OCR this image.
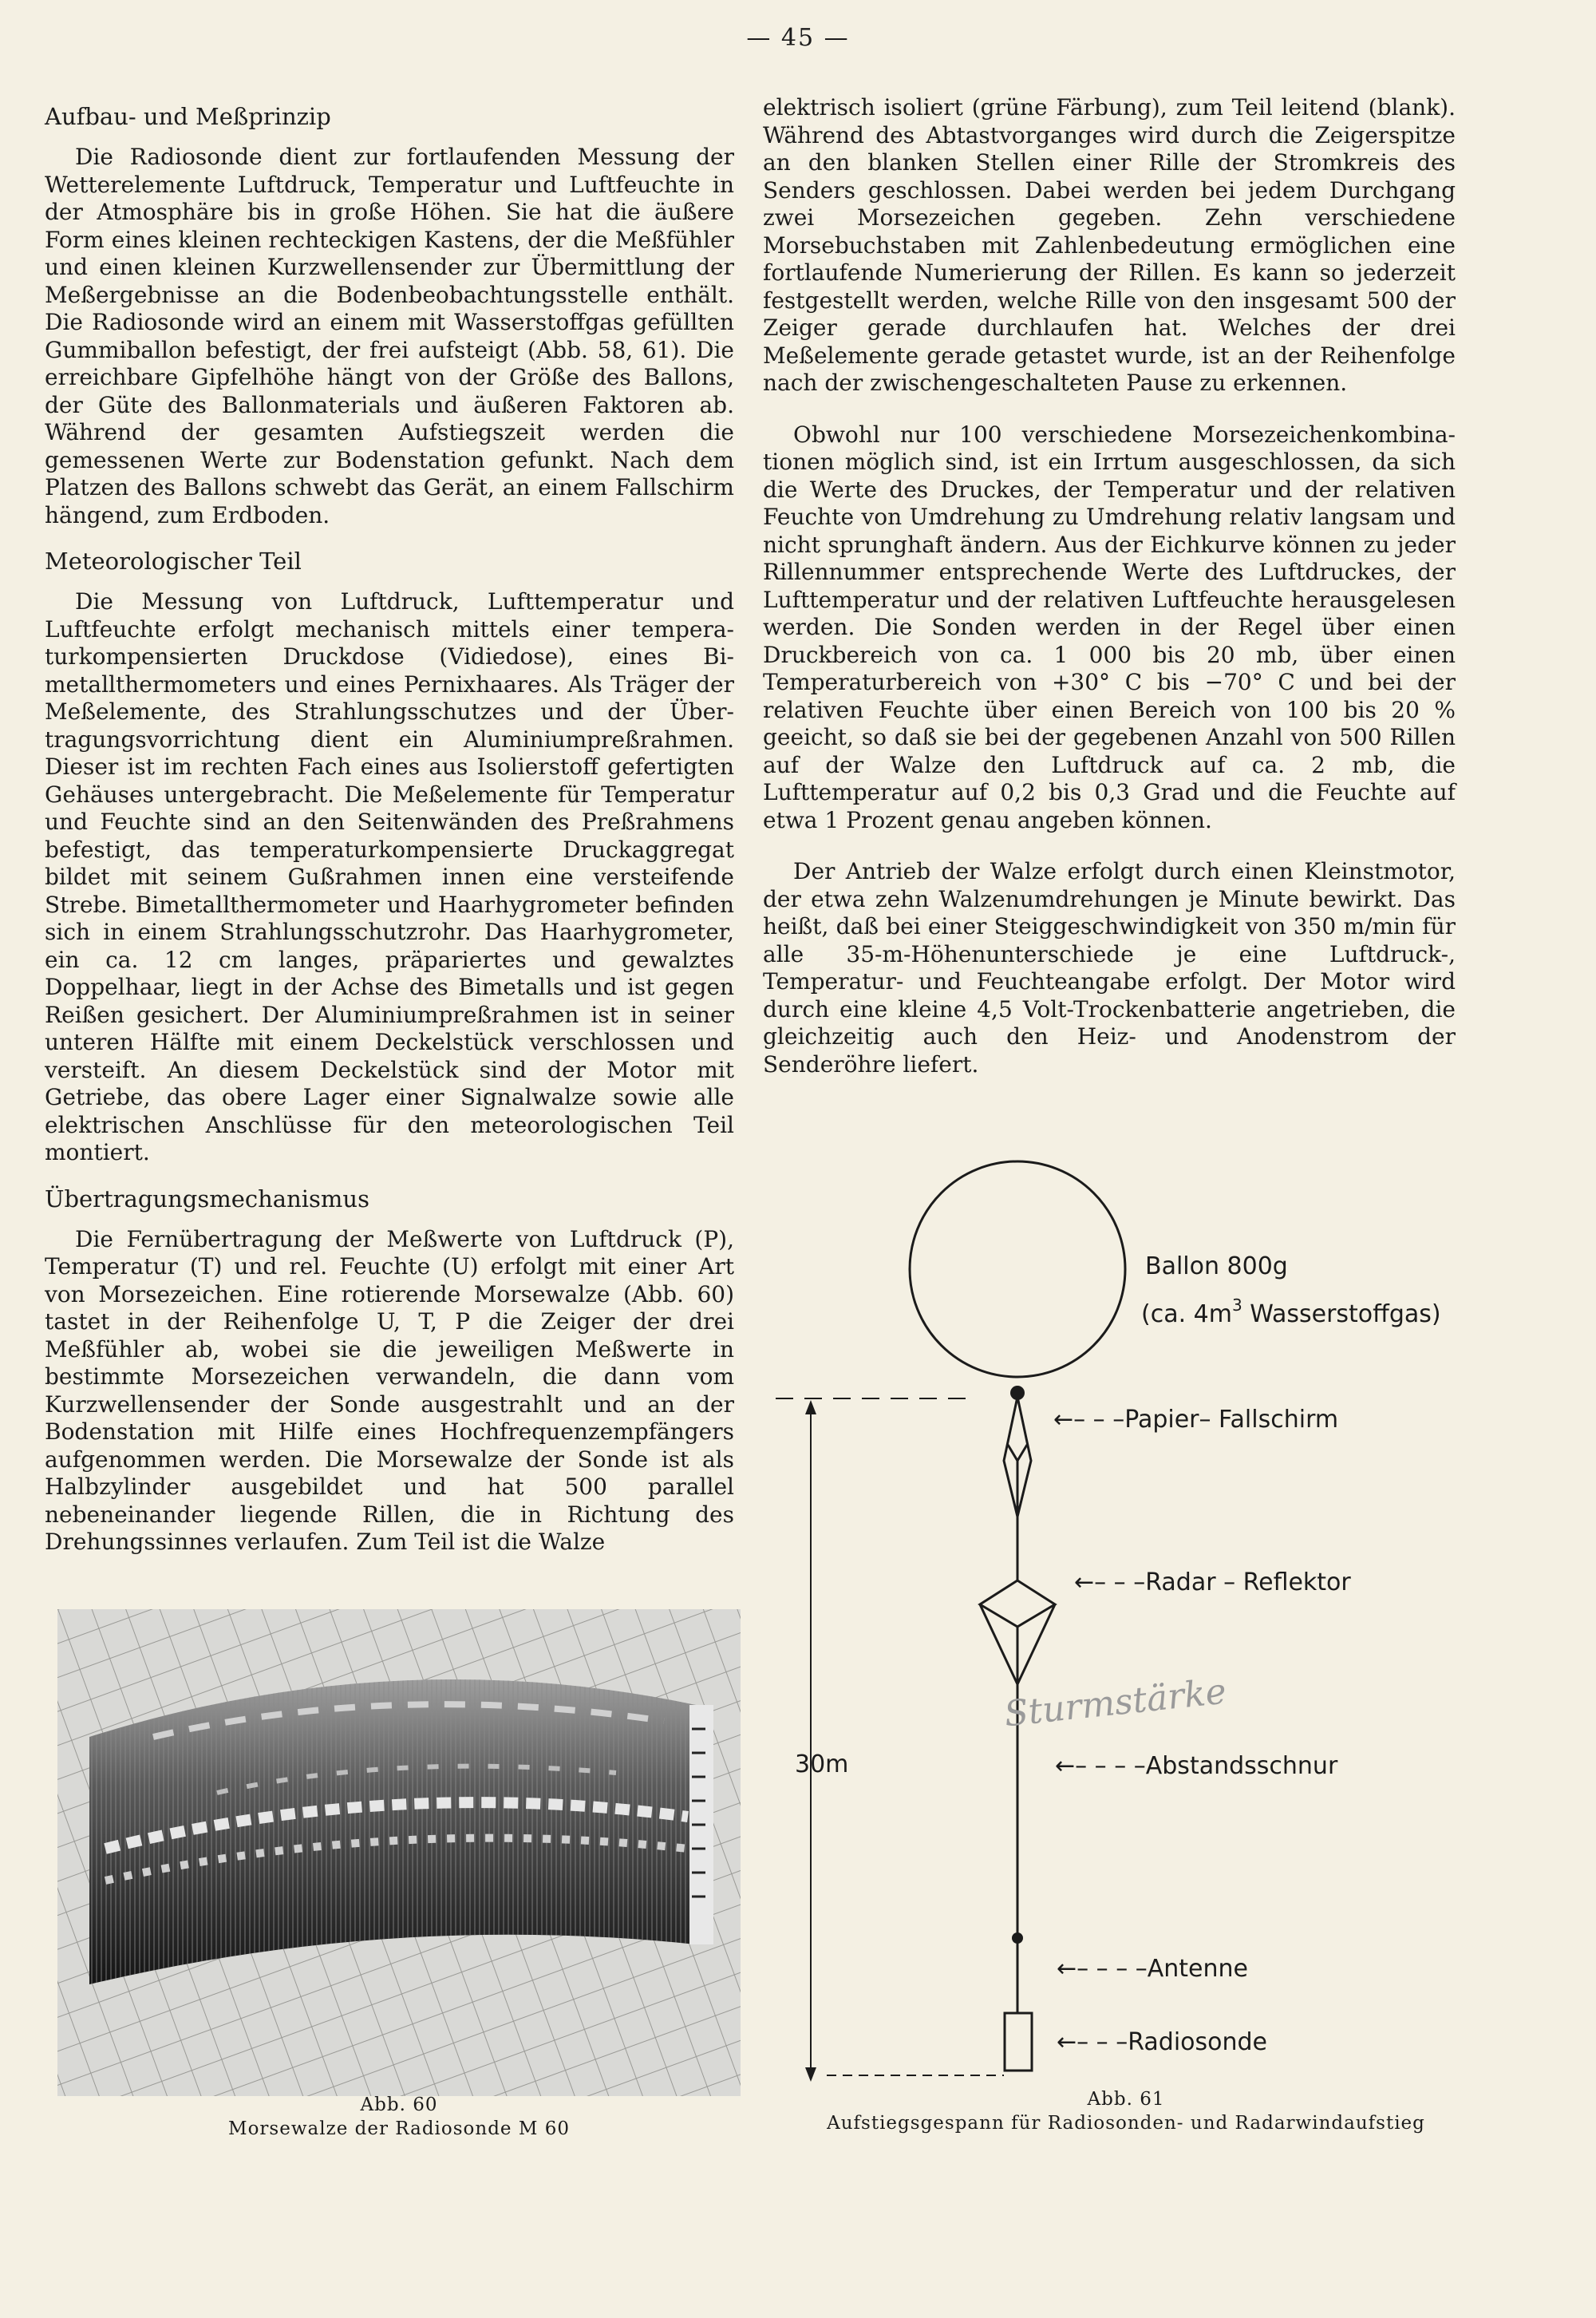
— 45 —
Aufbau- und Meßprinzip

Die Radiosonde dient zur fortlaufenden Messung der Wetterelemente Luftdruck, Temperatur und Luftfeuchte in der Atmosphäre bis in große Höhen. Sie hat die äußere Form eines kleinen rechteckigen Kastens, der die Meßfühler und einen kleinen Kurzwellensender zur Übermittlung der Meßergebnisse an die Bodenbeobachtungsstelle enthält. Die Radiosonde wird an einem mit Wasserstoffgas gefüllten Gummiballon befestigt, der frei aufsteigt (Abb. 58, 61). Die erreichbare Gipfelhöhe hängt von der Größe des Ballons, der Güte des Ballonmaterials und äußeren Faktoren ab. Während der gesamten Aufstiegszeit werden die gemessenen Werte zur Bodenstation gefunkt. Nach dem Platzen des Ballons schwebt das Gerät, an einem Fallschirm hängend, zum Erdboden.

Meteorologischer Teil

Die Messung von Luftdruck, Lufttemperatur und Luftfeuchte erfolgt mechanisch mittels einer temperaturkompensierten Druckdose (Vidiedose), eines Bimetallthermometers und eines Pernixhaares. Als Träger der Meßelemente, des Strahlungsschutzes und der Übertragungsvorrichtung dient ein Aluminiumpreßrahmen. Dieser ist im rechten Fach eines aus Isolierstoff gefertigten Gehäuses untergebracht. Die Meßelemente für Temperatur und Feuchte sind an den Seitenwänden des Preßrahmens befestigt, das temperaturkompensierte Druckaggregat bildet mit seinem Gußrahmen innen eine versteifende Strebe. Bimetallthermometer und Haarhygrometer befinden sich in einem Strahlungsschutzrohr. Das Haarhygrometer, ein ca. 12 cm langes, präpariertes und gewalztes Doppelhaar, liegt in der Achse des Bimetalls und ist gegen Reißen gesichert. Der Aluminiumpreßrahmen ist in seiner unteren Hälfte mit einem Deckelstück verschlossen und versteift. An diesem Deckelstück sind der Motor mit Getriebe, das obere Lager einer Signalwalze sowie alle elektrischen Anschlüsse für den meteorologischen Teil montiert.

Übertragungsmechanismus

Die Fernübertragung der Meßwerte von Luftdruck (P), Temperatur (T) und rel. Feuchte (U) erfolgt mit einer Art von Morsezeichen. Eine rotierende Morsewalze (Abb. 60) tastet in der Reihenfolge U, T, P die Zeiger der drei Meßfühler ab, wobei sie die jeweiligen Meßwerte in bestimmte Morsezeichen verwandeln, die dann vom Kurzwellensender der Sonde ausgestrahlt und an der Bodenstation mit Hilfe eines Hochfrequenzempfängers aufgenommen werden. Die Morsewalze der Sonde ist als Halbzylinder ausgebildet und hat 500 parallel nebeneinander liegende Rillen, die in Richtung des Drehungssinnes verlaufen. Zum Teil ist die Walze

elektrisch isoliert (grüne Färbung), zum Teil leitend (blank). Während des Abtastvorganges wird durch die Zeigerspitze an den blanken Stellen einer Rille der Stromkreis des Senders geschlossen. Dabei werden bei jedem Durchgang zwei Morsezeichen gegeben. Zehn verschiedene Morsebuchstaben mit Zahlenbedeutung ermöglichen eine fortlaufende Numerierung der Rillen. Es kann so jederzeit festgestellt werden, welche Rille von den insgesamt 500 der Zeiger gerade durchlaufen hat. Welches der drei Meßelemente gerade getastet wurde, ist an der Reihenfolge nach der zwischengeschalteten Pause zu erkennen.

Obwohl nur 100 verschiedene Morsezeichenkombinationen möglich sind, ist ein Irrtum ausgeschlossen, da sich die Werte des Druckes, der Temperatur und der relativen Feuchte von Umdrehung zu Umdrehung relativ langsam und nicht sprunghaft ändern. Aus der Eichkurve können zu jeder Rillennummer entsprechende Werte des Luftdruckes, der Lufttemperatur und der relativen Luftfeuchte herausgelesen werden. Die Sonden werden in der Regel über einen Druckbereich von ca. 1 000 bis 20 mb, über einen Temperaturbereich von +30° C bis −70° C und bei der relativen Feuchte über einen Bereich von 100 bis 20 % geeicht, so daß sie bei der gegebenen Anzahl von 500 Rillen auf der Walze den Luftdruck auf ca. 2 mb, die Lufttemperatur auf 0,2 bis 0,3 Grad und die Feuchte auf etwa 1 Prozent genau angeben können.

Der Antrieb der Walze erfolgt durch einen Kleinstmotor, der etwa zehn Walzenumdrehungen je Minute bewirkt. Das heißt, daß bei einer Steiggeschwindigkeit von 350 m/min für alle 35-m-Höhenunterschiede je eine Luftdruck-, Temperatur- und Feuchteangabe erfolgt. Der Motor wird durch eine kleine 4,5 Volt-Trockenbatterie angetrieben, die gleichzeitig auch den Heiz- und Anodenstrom der Senderöhre liefert.

Abb. 60
Morsewalze der Radiosonde M 60
Ballon 800g
(ca. $4m^3$ Wasserstoffgas)
30m
←– – –Papier– Fallschirm
←– – –Radar – Reflektor
←– – – –Abstandsschnur
←– – – –Antenne
←– – –Radiosonde
Sturmstärke
Abb. 61
Aufstiegsgespann für Radiosonden- und Radarwindaufstieg
